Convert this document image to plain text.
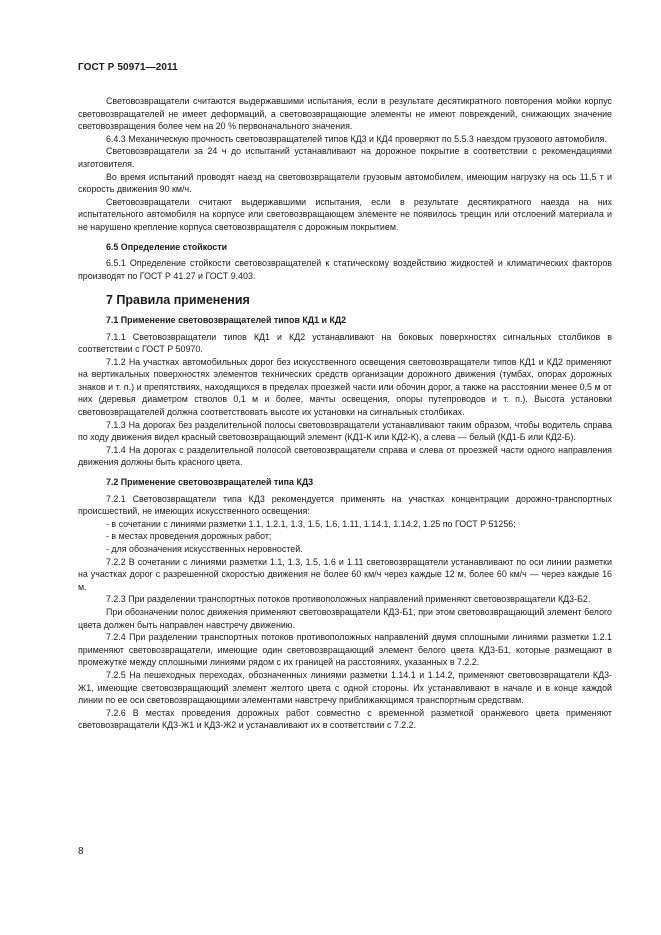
ГОСТ Р 50971—2011

Световозвращатели считаются выдержавшими испытания, если в результате десятикратного повторения мойки корпус световозвращателей не имеет деформаций, а световозвращающие элементы не имеют повреждений, снижающих значение световозвращения более чем на 20 % первоначального значения.

6.4.3 Механическую прочность световозвращателей типов КД3 и КД4 проверяют по 5.5.3 наездом грузового автомобиля.

Световозвращатели за 24 ч до испытаний устанавливают на дорожное покрытие в соответствии с рекомендациями изготовителя.

Во время испытаний проводят наезд на световозвращатели грузовым автомобилем, имеющим нагрузку на ось 11,5 т и скорость движения 90 км/ч.

Световозвращатели считают выдержавшими испытания, если в результате десятикратного наезда на них испытательного автомобиля на корпусе или световозвращающем элементе не появилось трещин или отслоений материала и не нарушено крепление корпуса световозвращателя с дорожным покрытием.

6.5 Определение стойкости

6.5.1 Определение стойкости световозвращателей к статическому воздействию жидкостей и климатических факторов производят по ГОСТ Р 41.27 и ГОСТ 9.403.

7 Правила применения
7.1 Применение световозвращателей типов КД1 и КД2

7.1.1 Световозвращатели типов КД1 и КД2 устанавливают на боковых поверхностях сигнальных столбиков в соответствии с ГОСТ Р 50970.

7.1.2 На участках автомобильных дорог без искусственного освещения световозвращатели типов КД1 и КД2 применяют на вертикальных поверхностях элементов технических средств организации дорожного движения (тумбах, опорах дорожных знаков и т. п.) и препятствиях, находящихся в пределах проезжей части или обочин дорог, а также на расстоянии менее 0,5 м от них (деревья диаметром стволов 0,1 м и более, мачты освещения, опоры путепроводов и т. п.). Высота установки световозвращателей должна соответствовать высоте их установки на сигнальных столбиках.

7.1.3 На дорогах без разделительной полосы световозвращатели устанавливают таким образом, чтобы водитель справа по ходу движения видел красный световозвращающий элемент (КД1-К или КД2-К), а слева — белый (КД1-Б или КД2-Б).

7.1.4 На дорогах с разделительной полосой световозвращатели справа и слева от проезжей части одного направления движения должны быть красного цвета.

7.2 Применение световозвращателей типа КД3

7.2.1 Световозвращатели типа КД3 рекомендуется применять на участках концентрации дорожно-транспортных происшествий, не имеющих искусственного освещения:

- в сочетании с линиями разметки 1.1, 1.2.1, 1.3, 1.5, 1.6, 1.11, 1.14.1, 1.14.2, 1.25 по ГОСТ Р 51256;

- в местах проведения дорожных работ;

- для обозначения искусственных неровностей.

7.2.2 В сочетании с линиями разметки 1.1, 1.3, 1.5, 1.6 и 1.11 световозвращатели устанавливают по оси линии разметки на участках дорог с разрешенной скоростью движения не более 60 км/ч через каждые 12 м, более 60 км/ч — через каждые 16 м.

7.2.3 При разделении транспортных потоков противоположных направлений применяют световозвращатели КД3-Б2.

При обозначении полос движения применяют световозвращатели КД3-Б1, при этом световозвращающий элемент белого цвета должен быть направлен навстречу движению.

7.2.4 При разделении транспортных потоков противоположных направлений двумя сплошными линиями разметки 1.2.1 применяют световозвращатели, имеющие один световозвращающий элемент белого цвета КД3-Б1, которые размещают в промежутке между сплошными линиями рядом с их границей на расстояниях, указанных в 7.2.2.

7.2.5 На пешеходных переходах, обозначенных линиями разметки 1.14.1 и 1.14.2, применяют световозвращатели КД3-Ж1, имеющие световозвращающий элемент желтого цвета с одной стороны. Их устанавливают в начале и в конце каждой линии по ее оси световозвращающими элементами навстречу приближающимся транспортным средствам.

7.2.6 В местах проведения дорожных работ совместно с временной разметкой оранжевого цвета применяют световозвращатели КД3-Ж1 и КД3-Ж2 и устанавливают их в соответствии с 7.2.2.

8
